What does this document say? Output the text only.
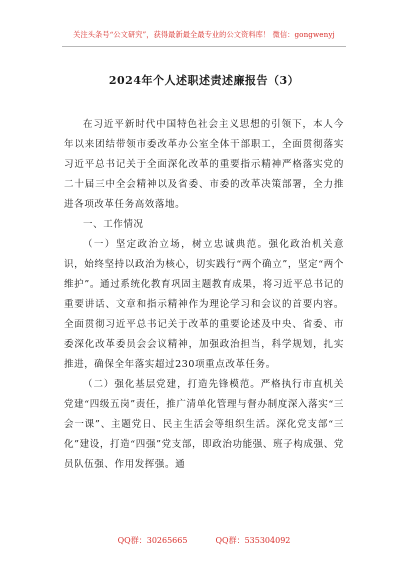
关注头条号“公文研究”，获得最新最全最专业的公文资料库！ 微信：gongwenyj
2024年个人述职述责述廉报告（3）

在习近平新时代中国特色社会主义思想的引领下，本人今年以来团结带领市委改革办公室全体干部职工，全面贯彻落实习近平总书记关于全面深化改革的重要指示精神严格落实党的二十届三中全会精神以及省委、市委的改革决策部署，全力推进各项改革任务高效落地。

一、工作情况

（一）坚定政治立场，树立忠诚典范。强化政治机关意识，始终坚持以政治为核心，切实践行“两个确立”，坚定“两个维护”。通过系统化教育巩固主题教育成果，将习近平总书记的重要讲话、文章和指示精神作为理论学习和会议的首要内容。全面贯彻习近平总书记关于改革的重要论述及中央、省委、市委深化改革委员会会议精神，加强政治担当，科学规划，扎实推进，确保全年落实超过230项重点改革任务。

（二）强化基层党建，打造先锋模范。严格执行市直机关党建“四级五岗”责任，推广清单化管理与督办制度深入落实“三会一课”、主题党日、民主生活会等组织生活。深化党支部“三化”建设，打造“四强”党支部，即政治功能强、班子构成强、党员队伍强、作用发挥强。通

QQ群：30265665	QQ群：535304092
